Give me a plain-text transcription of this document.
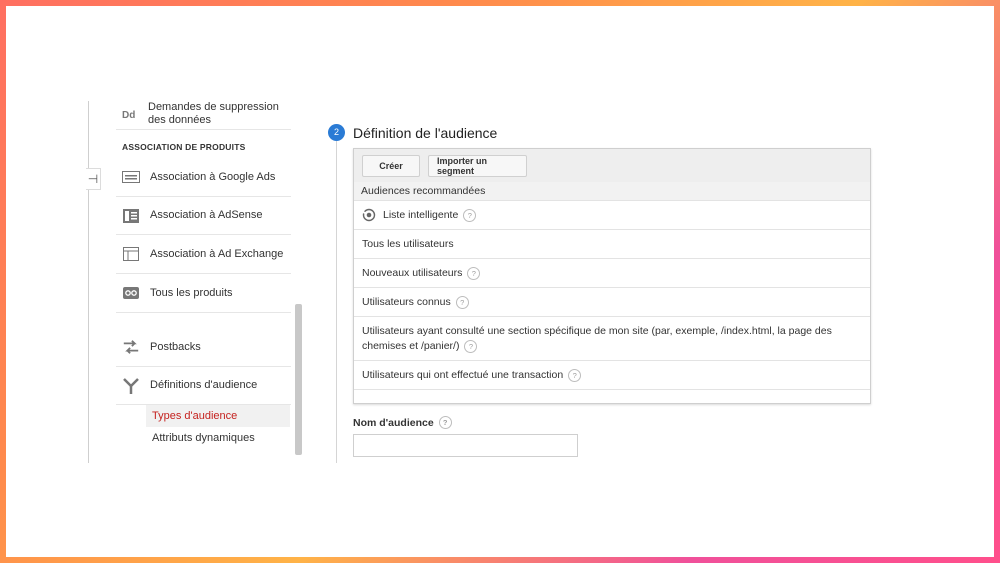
⊣
Dd
Demandes de suppression des données
ASSOCIATION DE PRODUITS
Association à Google Ads
Association à AdSense
Association à Ad Exchange
Tous les produits
Postbacks
Définitions d'audience
Types d'audience
Attributs dynamiques
2	Définition de l'audience
Créer	Importer un segment
Audiences recommandées
Liste intelligente	?
Tous les utilisateurs
Nouveaux utilisateurs	?
Utilisateurs connus	?
Utilisateurs ayant consulté une section spécifique de mon site (par, exemple, /index.html, la page des chemises et /panier/) ?
Utilisateurs qui ont effectué une transaction	?
Nom d'audience	?
